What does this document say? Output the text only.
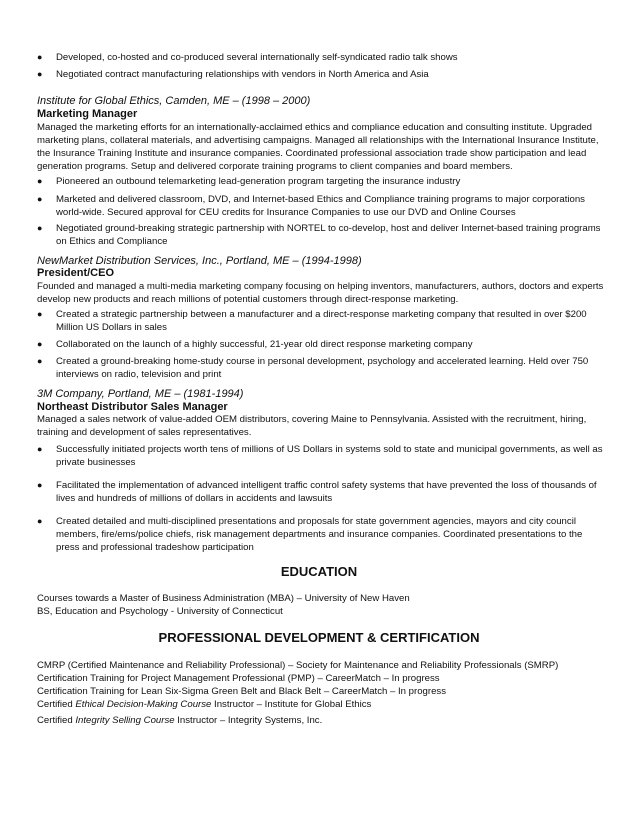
● Developed, co-hosted and co-produced several internationally self-syndicated radio talk shows
● Negotiated contract manufacturing relationships with vendors in North America and Asia
Institute for Global Ethics, Camden, ME – (1998 – 2000)
Marketing Manager
Managed the marketing efforts for an internationally-acclaimed ethics and compliance education and consulting institute. Upgraded marketing plans, collateral materials, and advertising campaigns. Managed all relationships with the International Insurance Institute, the Insurance Training Institute and insurance companies. Coordinated professional association trade show participation and lead generation programs. Setup and delivered corporate training programs to client companies and board members.
● Pioneered an outbound telemarketing lead-generation program targeting the insurance industry
● Marketed and delivered classroom, DVD, and Internet-based Ethics and Compliance training programs to major corporations world-wide. Secured approval for CEU credits for Insurance Companies to use our DVD and Online Courses
● Negotiated ground-breaking strategic partnership with NORTEL to co-develop, host and deliver Internet-based training programs on Ethics and Compliance
NewMarket Distribution Services, Inc., Portland, ME – (1994-1998)
President/CEO
Founded and managed a multi-media marketing company focusing on helping inventors, manufacturers, authors, doctors and experts develop new products and reach millions of potential customers through direct-response marketing.
● Created a strategic partnership between a manufacturer and a direct-response marketing company that resulted in over $200 Million US Dollars in sales
● Collaborated on the launch of a highly successful, 21-year old direct response marketing company
● Created a ground-breaking home-study course in personal development, psychology and accelerated learning. Held over 750 interviews on radio, television and print
3M Company, Portland, ME – (1981-1994)
Northeast Distributor Sales Manager
Managed a sales network of value-added OEM distributors, covering Maine to Pennsylvania. Assisted with the recruitment, hiring, training and development of sales representatives.
● Successfully initiated projects worth tens of millions of US Dollars in systems sold to state and municipal governments, as well as private businesses
● Facilitated the implementation of advanced intelligent traffic control safety systems that have prevented the loss of thousands of lives and hundreds of millions of dollars in accidents and lawsuits
● Created detailed and multi-disciplined presentations and proposals for state government agencies, mayors and city council members, fire/ems/police chiefs, risk management departments and insurance companies. Coordinated presentations to the press and professional tradeshow participation
EDUCATION
Courses towards a Master of Business Administration (MBA) – University of New Haven
BS, Education and Psychology - University of Connecticut
PROFESSIONAL DEVELOPMENT & CERTIFICATION
CMRP (Certified Maintenance and Reliability Professional) – Society for Maintenance and Reliability Professionals (SMRP)
Certification Training for Project Management Professional (PMP) – CareerMatch – In progress
Certification Training for Lean Six-Sigma Green Belt and Black Belt – CareerMatch – In progress
Certified Ethical Decision-Making Course Instructor – Institute for Global Ethics
Certified Integrity Selling Course Instructor – Integrity Systems, Inc.
